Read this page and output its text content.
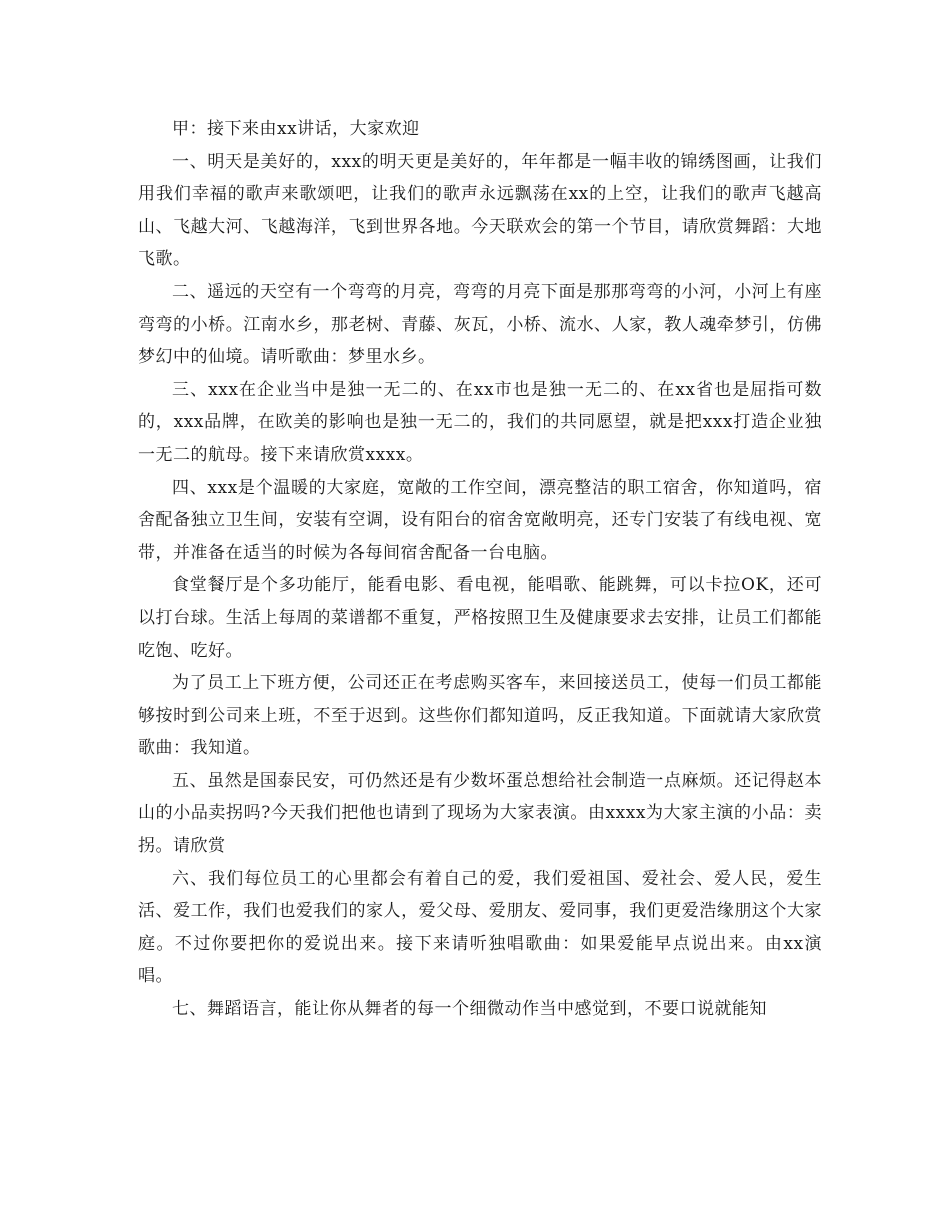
甲：接下来由xx讲话，大家欢迎

一、明天是美好的，xxx的明天更是美好的，年年都是一幅丰收的锦绣图画，让我们用我们幸福的歌声来歌颂吧，让我们的歌声永远飘荡在xx的上空，让我们的歌声飞越高山、飞越大河、飞越海洋，飞到世界各地。今天联欢会的第一个节目，请欣赏舞蹈：大地飞歌。

二、遥远的天空有一个弯弯的月亮，弯弯的月亮下面是那那弯弯的小河，小河上有座弯弯的小桥。江南水乡，那老树、青藤、灰瓦，小桥、流水、人家，教人魂牵梦引，仿佛梦幻中的仙境。请听歌曲：梦里水乡。

三、xxx在企业当中是独一无二的、在xx市也是独一无二的、在xx省也是屈指可数的，xxx品牌，在欧美的影响也是独一无二的，我们的共同愿望，就是把xxx打造企业独一无二的航母。接下来请欣赏xxxx。

四、xxx是个温暖的大家庭，宽敞的工作空间，漂亮整洁的职工宿舍，你知道吗，宿舍配备独立卫生间，安装有空调，设有阳台的宿舍宽敞明亮，还专门安装了有线电视、宽带，并准备在适当的时候为各每间宿舍配备一台电脑。

食堂餐厅是个多功能厅，能看电影、看电视，能唱歌、能跳舞，可以卡拉OK，还可以打台球。生活上每周的菜谱都不重复，严格按照卫生及健康要求去安排，让员工们都能吃饱、吃好。

为了员工上下班方便，公司还正在考虑购买客车，来回接送员工，使每一们员工都能够按时到公司来上班，不至于迟到。这些你们都知道吗，反正我知道。下面就请大家欣赏歌曲：我知道。

五、虽然是国泰民安，可仍然还是有少数坏蛋总想给社会制造一点麻烦。还记得赵本山的小品卖拐吗?今天我们把他也请到了现场为大家表演。由xxxx为大家主演的小品：卖拐。请欣赏

六、我们每位员工的心里都会有着自己的爱，我们爱祖国、爱社会、爱人民，爱生活、爱工作，我们也爱我们的家人，爱父母、爱朋友、爱同事，我们更爱浩缘朋这个大家庭。不过你要把你的爱说出来。接下来请听独唱歌曲：如果爱能早点说出来。由xx演唱。

七、舞蹈语言，能让你从舞者的每一个细微动作当中感觉到，不要口说就能知
